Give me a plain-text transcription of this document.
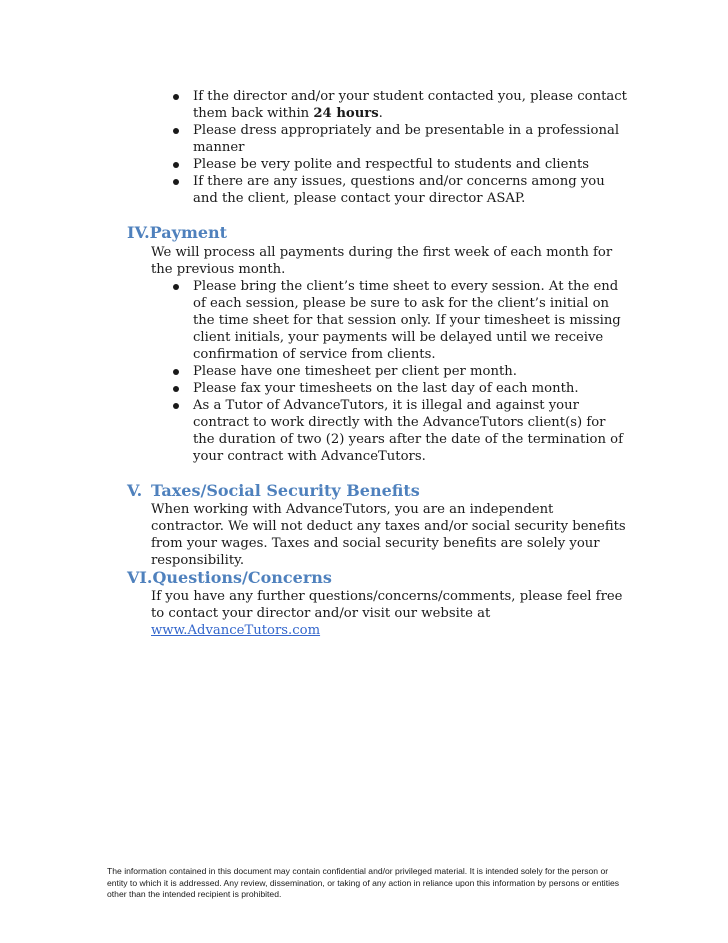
If the director and/or your student contacted you, please contact them back within 24 hours.
Please dress appropriately and be presentable in a professional manner
Please be very polite and respectful to students and clients
If there are any issues, questions and/or concerns among you and the client, please contact your director ASAP.
IV.Payment
We will process all payments during the first week of each month for the previous month.
Please bring the client’s time sheet to every session. At the end of each session, please be sure to ask for the client’s initial on the time sheet for that session only. If your timesheet is missing client initials, your payments will be delayed until we receive confirmation of service from clients.
Please have one timesheet per client per month.
Please fax your timesheets on the last day of each month.
As a Tutor of AdvanceTutors, it is illegal and against your contract to work directly with the AdvanceTutors client(s) for the duration of two (2) years after the date of the termination of your contract with AdvanceTutors.
V. Taxes/Social Security Benefits
When working with AdvanceTutors, you are an independent contractor. We will not deduct any taxes and/or social security benefits from your wages. Taxes and social security benefits are solely your responsibility.
VI.Questions/Concerns
If you have any further questions/concerns/comments, please feel free to contact your director and/or visit our website at www.AdvanceTutors.com
The information contained in this document may contain confidential and/or privileged material. It is intended solely for the person or entity to which it is addressed. Any review, dissemination, or taking of any action in reliance upon this information by persons or entities other than the intended recipient is prohibited.
